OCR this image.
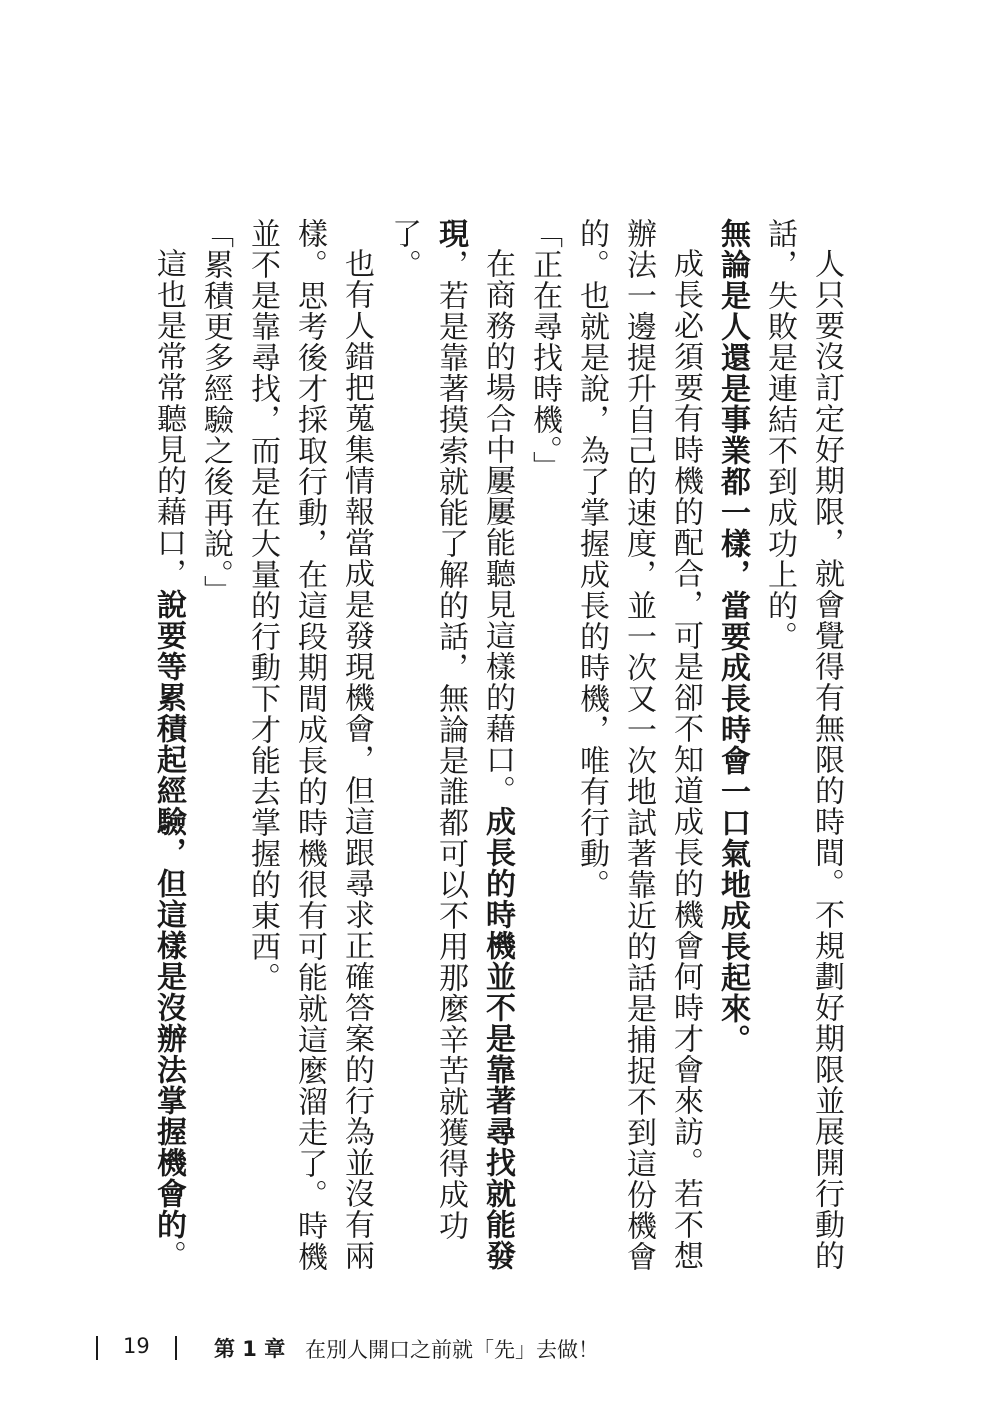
人只要沒訂定好期限，就會覺得有無限的時間。不規劃好期限並展開行動的話，失敗是連結不到成功上的。

無論是人還是事業都一樣，當要成長時會一口氣地成長起來。

成長必須要有時機的配合，可是卻不知道成長的機會何時才會來訪。若不想辦法一邊提升自己的速度，並一次又一次地試著靠近的話是捕捉不到這份機會的。也就是說，為了掌握成長的時機，唯有行動。

「正在尋找時機。」

在商務的場合中屢屢能聽見這樣的藉口。成長的時機並不是靠著尋找就能發現，若是靠著摸索就能了解的話，無論是誰都可以不用那麼辛苦就獲得成功了。

也有人錯把蒐集情報當成是發現機會，但這跟尋求正確答案的行為並沒有兩樣。思考後才採取行動，在這段期間成長的時機很有可能就這麼溜走了。時機並不是靠尋找，而是在大量的行動下才能去掌握的東西。

「累積更多經驗之後再說。」

這也是常常聽見的藉口，說要等累積起經驗，但這樣是沒辦法掌握機會的。

19	第 1 章 在別人開口之前就「先」去做！
